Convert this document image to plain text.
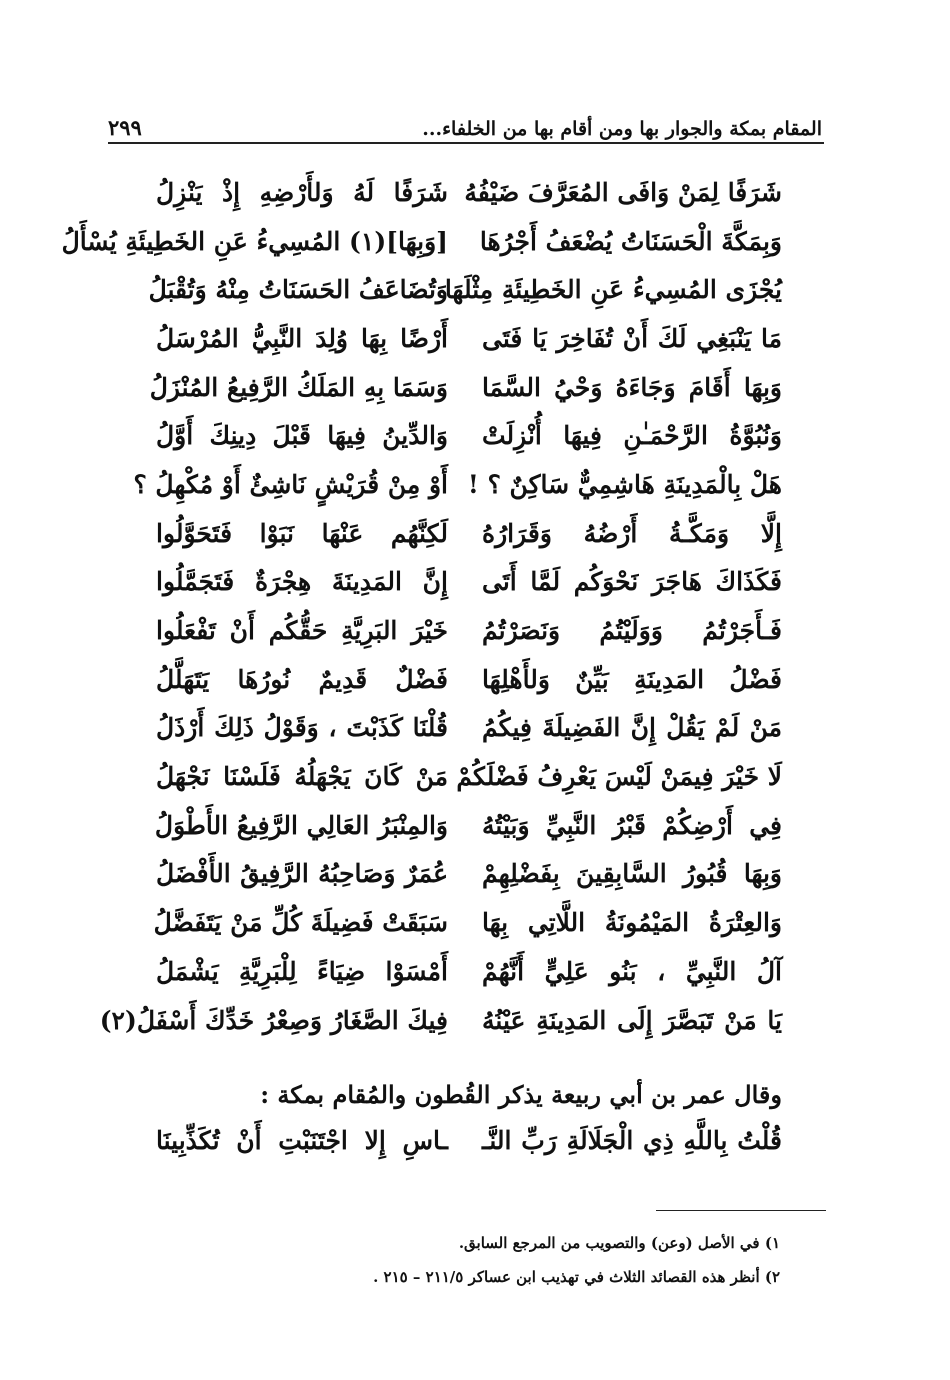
المقام بمكة والجوار بها ومن أقام بها من الخلفاء...
٢٩٩
شَرَفًا لِمَنْ وَافَى المُعَرَّفَ ضَيْفُهُ
شَرَفًا لَهُ وَلأَرْضِهِ إِذْ يَنْزِلُ
وَبِمَكَّةَ الْحَسَنَاتُ يُضْعَفُ أَجْرُهَا
[وَبِهَا](١) المُسِيءُ عَنِ الخَطِيئَةِ يُسْأَلُ
يُجْزَى المُسِيءُ عَنِ الخَطِيئَةِ مِثْلَهَا
وَتُضَاعَفُ الحَسَنَاتُ مِنْهُ وَتُقْبَلُ
مَا يَنْبَغِي لَكَ أَنْ تُفَاخِرَ يَا فَتَى
أَرْضًا بِهَا وُلِدَ النَّبِيُّ المُرْسَلُ
وَبِهَا أَقَامَ وَجَاءَهُ وَحْيُ السَّمَا
وَسَمَا بِهِ المَلَكُ الرَّفِيعُ المُنْزَلُ
وَنُبُوَّةُ الرَّحْمَـٰنِ فِيهَا أُنْزِلَتْ
وَالدِّينُ فِيهَا قَبْلَ دِينِكَ أَوَّلُ
هَلْ بِالْمَدِينَةِ هَاشِمِيٌّ سَاكِنٌ ؟ !
أَوْ مِنْ قُرَيْشٍ نَاشِئٌ أَوْ مُكْهِلُ ؟
إِلَّا وَمَكَّـةُ أَرْضُهُ وَقَرَارُهُ
لَكِنَّهُم عَنْهَا نَبَوْا فَتَحَوَّلُوا
فَكَذَاكَ هَاجَرَ نَحْوَكُم لَمَّا أَتَى
إِنَّ المَدِينَةَ هِجْرَةٌ فَتَجَمَّلُوا
فَـأَجَرْتُمُ وَوَلَيْتُمُ وَنَصَرْتُمُ
خَيْرَ البَرِيَّةِ حَقُّكُم أَنْ تَفْعَلُوا
فَضْلُ المَدِينَةِ بَيِّنٌ وَلأَهْلِهَا
فَضْلٌ قَدِيمٌ نُورُهَا يَتَهَلَّلُ
مَنْ لَمْ يَقُلْ إِنَّ الفَضِيلَةَ فِيكُمُ
قُلْنَا كَذَبْتَ ، وَقَوْلُ ذَلِكَ أَرْذَلُ
لَا خَيْرَ فِيمَنْ لَيْسَ يَعْرِفُ فَضْلَكُمْ
مَنْ كَانَ يَجْهَلُهُ فَلَسْنَا نَجْهَلُ
فِي أَرْضِكُمْ قَبْرُ النَّبِيِّ وَبَيْتُهُ
وَالمِنْبَرُ العَالِي الرَّفِيعُ الأَطْوَلُ
وَبِهَا قُبُورُ السَّابِقِينَ بِفَضْلِهِمْ
عُمَرٌ وَصَاحِبُهُ الرَّفِيقُ الأَفْضَلُ
وَالعِتْرَةُ المَيْمُونَةُ اللَّاتِي بِهَا
سَبَقَتْ فَضِيلَةَ كُلِّ مَنْ يَتَفَضَّلُ
آلُ النَّبِيِّ ، بَنُو عَلِيٍّ أَنَّهُمْ
أَمْسَوْا ضِيَاءً لِلْبَرِيَّةِ يَشْمَلُ
يَا مَنْ تَبَصَّرَ إِلَى المَدِينَةِ عَيْنُهُ
فِيكَ الصَّغَارُ وَصِعْرُ خَدِّكَ أَسْفَلُ(٢)
وقال عمر بن أبي ربيعة يذكر القُطون والمُقام بمكة :
قُلْتُ بِاللَّهِ ذِي الْجَلَالَةِ رَبِّ النَّـ
ـاسِ إِلا اجْتَنَبْتِ أَنْ تُكَذِّبِينَا
١) في الأصل (وعن) والتصويب من المرجع السابق.
٢) أنظر هذه القصائد الثلاث في تهذيب ابن عساكر ٢١١/٥ – ٢١٥ .
